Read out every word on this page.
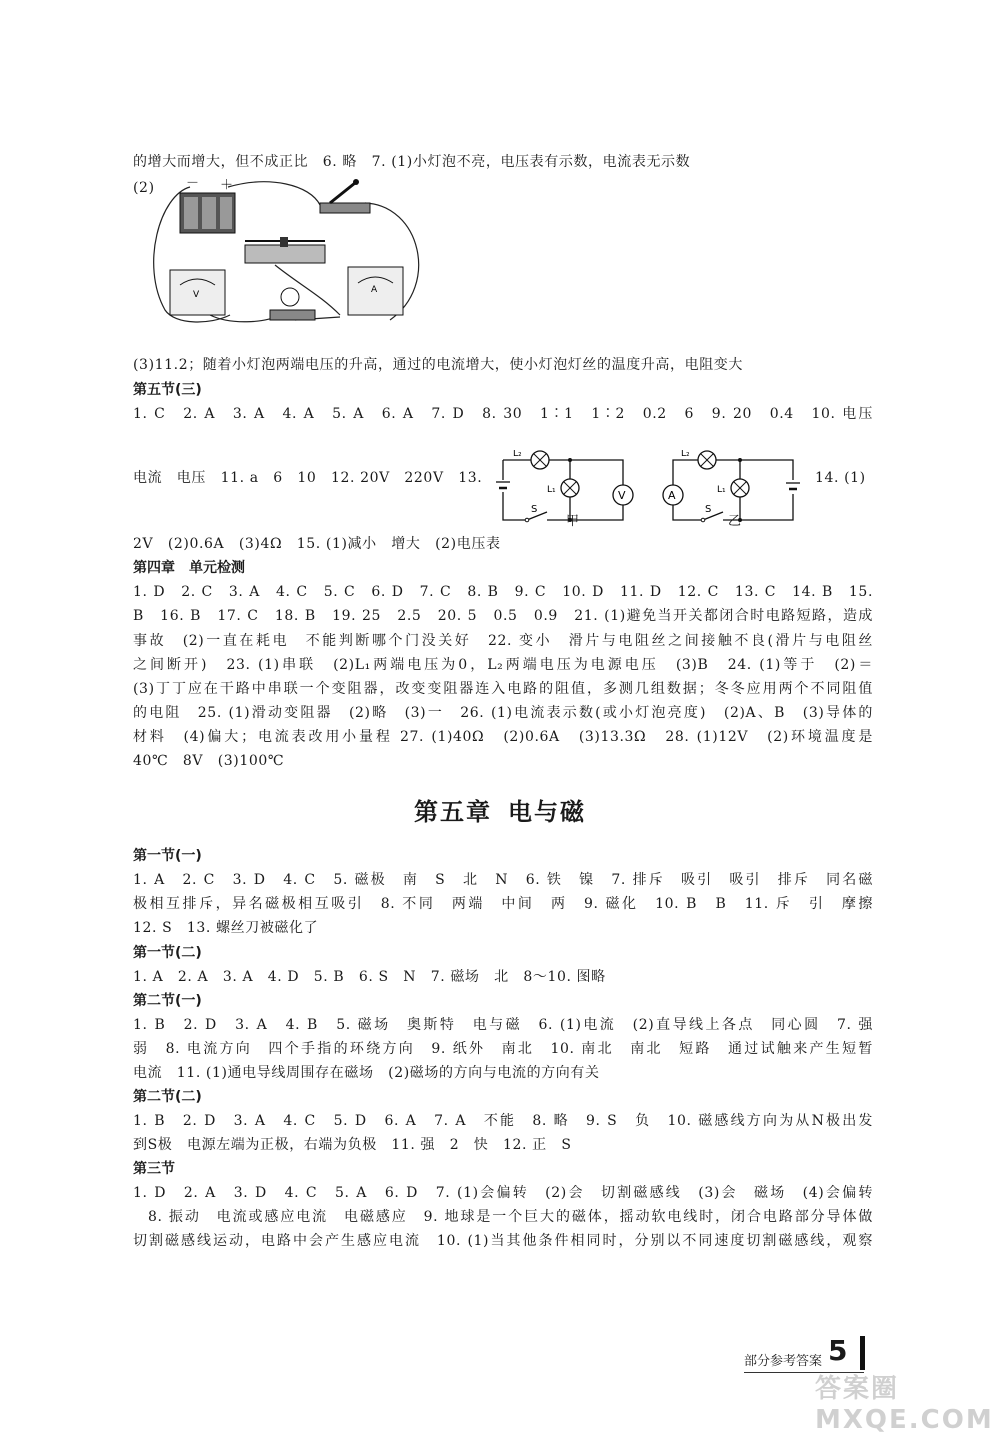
的增大而增大，但不成正比　6. 略　7. (1)小灯泡不亮，电压表有示数，电流表无示数
(2)	－ ＋
V	A
(3)11.2；随着小灯泡两端电压的升高，通过的电流增大，使小灯泡灯丝的温度升高，电阻变大
第五节(三)
1. C　2. A　3. A　4. A　5. A　6. A　7. D　8. 30　1∶1　1∶2　0.2　6　9. 20　0.4　10. 电压
电流　电压　11. a　6　10　12. 20V　220V　13.
V
L₂
L₁
S
A
L₂
L₁
S
甲	乙
14. (1)
2V　(2)0.6A　(3)4Ω　15. (1)减小　增大　(2)电压表
第四章　单元检测
1. D　2. C　3. A　4. C　5. C　6. D　7. C　8. B　9. C　10. D　11. D　12. C　13. C　14. B　15.
B　16. B　17. C　18. B　19. 25　2.5　20. 5　0.5　0.9　21. (1)避免当开关都闭合时电路短路，造成
事故　(2)一直在耗电　不能判断哪个门没关好　22. 变小　滑片与电阻丝之间接触不良(滑片与电阻丝
之间断开)　23. (1)串联　(2)L₁两端电压为0，L₂两端电压为电源电压　(3)B　24. (1)等于　(2)＝
(3)丁丁应在干路中串联一个变阻器，改变变阻器连入电路的阻值，多测几组数据；冬冬应用两个不同阻值
的电阻　25. (1)滑动变阻器　(2)略　(3)一　26. (1)电流表示数(或小灯泡亮度)　(2)A、B　(3)导体的
材料　(4)偏大；电流表改用小量程 27. (1)40Ω　(2)0.6A　(3)13.3Ω　28. (1)12V　(2)环境温度是
40℃　8V　(3)100℃
第五章 电与磁
第一节(一)
1. A　2. C　3. D　4. C　5. 磁极　南　S　北　N　6. 铁　镍　7. 排斥　吸引　吸引　排斥　同名磁
极相互排斥，异名磁极相互吸引　8. 不同　两端　中间　两　9. 磁化　10. B　B　11. 斥　引　摩擦
12. S　13. 螺丝刀被磁化了
第一节(二)
1. A　2. A　3. A　4. D　5. B　6. S　N　7. 磁场　北　8～10. 图略
第二节(一)
1. B　2. D　3. A　4. B　5. 磁场　奥斯特　电与磁　6. (1)电流　(2)直导线上各点　同心圆　7. 强
弱　8. 电流方向　四个手指的环绕方向　9. 纸外　南北　10. 南北　南北　短路　通过试触来产生短暂
电流　11. (1)通电导线周围存在磁场　(2)磁场的方向与电流的方向有关
第二节(二)
1. B　2. D　3. A　4. C　5. D　6. A　7. A　不能　8. 略　9. S　负　10. 磁感线方向为从N极出发
到S极　电源左端为正极，右端为负极　11. 强　2　快　12. 正　S
第三节
1. D　2. A　3. D　4. C　5. A　6. D　7. (1)会偏转　(2)会　切割磁感线　(3)会　磁场　(4)会偏转
8. 振动　电流或感应电流　电磁感应　9. 地球是一个巨大的磁体，摇动软电线时，闭合电路部分导体做
切割磁感线运动，电路中会产生感应电流　10. (1)当其他条件相同时，分别以不同速度切割磁感线，观察
部分参考答案 5
答案圈 MXQE.COM
